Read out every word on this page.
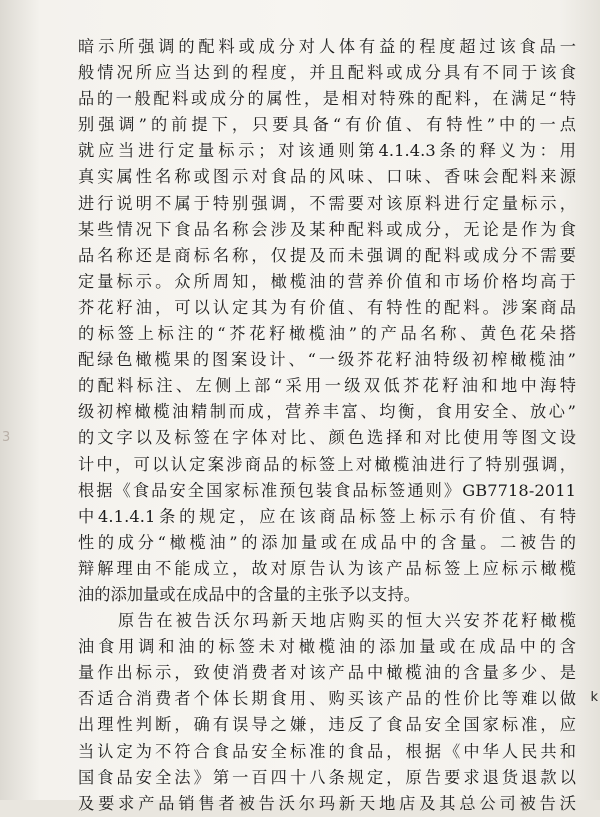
暗示所强调的配料或成分对人体有益的程度超过该食品一
般情况所应当达到的程度，并且配料或成分具有不同于该食
品的一般配料或成分的属性，是相对特殊的配料，在满足“特
别强调”的前提下，只要具备“有价值、有特性”中的一点
就应当进行定量标示；对该通则第4.1.4.3条的释义为：用
真实属性名称或图示对食品的风味、口味、香味会配料来源
进行说明不属于特别强调，不需要对该原料进行定量标示，
某些情况下食品名称会涉及某种配料或成分，无论是作为食
品名称还是商标名称，仅提及而未强调的配料或成分不需要
定量标示。众所周知，橄榄油的营养价值和市场价格均高于
芥花籽油，可以认定其为有价值、有特性的配料。涉案商品
的标签上标注的“芥花籽橄榄油”的产品名称、黄色花朵搭
配绿色橄榄果的图案设计、“一级芥花籽油特级初榨橄榄油”
的配料标注、左侧上部“采用一级双低芥花籽油和地中海特
级初榨橄榄油精制而成，营养丰富、均衡，食用安全、放心”
的文字以及标签在字体对比、颜色选择和对比使用等图文设
计中，可以认定案涉商品的标签上对橄榄油进行了特别强调，
根据《食品安全国家标准预包装食品标签通则》GB7718-2011
中4.1.4.1条的规定，应在该商品标签上标示有价值、有特
性的成分“橄榄油”的添加量或在成品中的含量。二被告的
辩解理由不能成立，故对原告认为该产品标签上应标示橄榄
油的添加量或在成品中的含量的主张予以支持。
原告在被告沃尔玛新天地店购买的恒大兴安芥花籽橄榄
油食用调和油的标签未对橄榄油的添加量或在成品中的含
量作出标示，致使消费者对该产品中橄榄油的含量多少、是
否适合消费者个体长期食用、购买该产品的性价比等难以做
出理性判断，确有误导之嫌，违反了食品安全国家标准，应
当认定为不符合食品安全标准的食品，根据《中华人民共和
国食品安全法》第一百四十八条规定，原告要求退货退款以
及要求产品销售者被告沃尔玛新天地店及其总公司被告沃
3
k
